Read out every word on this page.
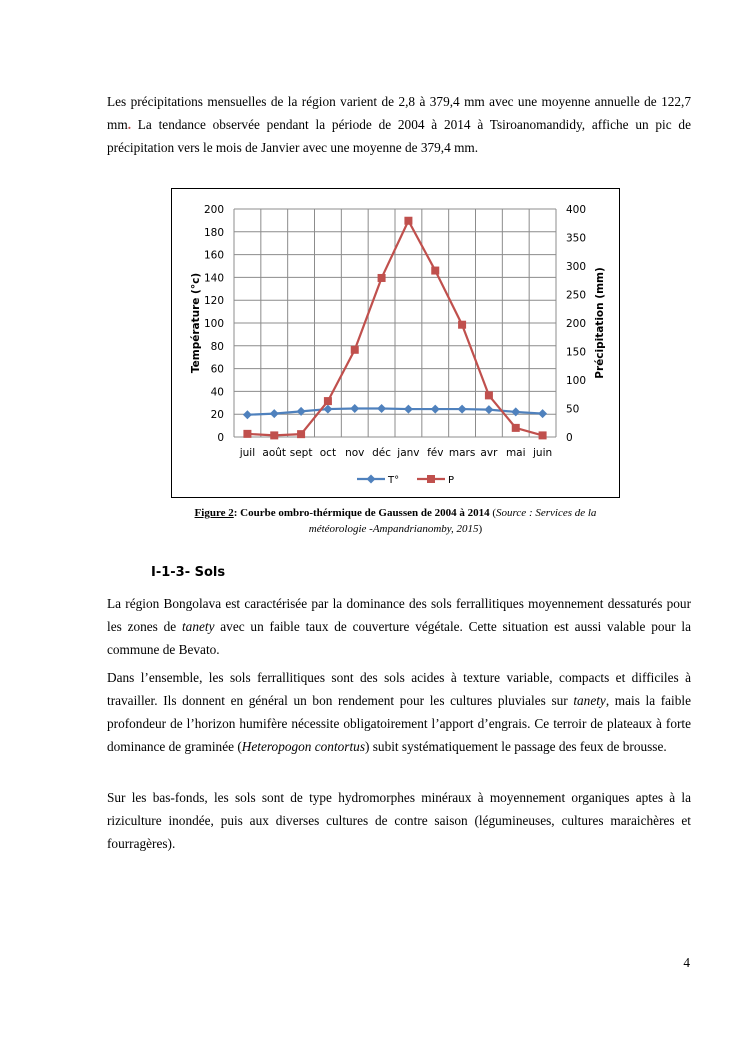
Les précipitations mensuelles de la région varient de 2,8 à 379,4 mm avec une moyenne annuelle de 122,7 mm. La tendance observée pendant la période de 2004 à 2014 à Tsiroanomandidy, affiche un pic de précipitation vers le mois de Janvier avec une moyenne de 379,4 mm.

0
20
40
60
80
100
120
140
160
180
200
0
50
100
150
200
250
300
350
400
juil août sept oct nov déc janv fév mars avr mai juin
Température (°c)	Précipitation (mm)
T°	P
Figure 2: Courbe ombro-thérmique de Gaussen de 2004 à 2014 (Source : Services de la météorologie -Ampandrianomby, 2015)
I-1-3- Sols

La région Bongolava est caractérisée par la dominance des sols ferrallitiques moyennement dessaturés pour les zones de tanety avec un faible taux de couverture végétale. Cette situation est aussi valable pour la commune de Bevato.

Dans l’ensemble, les sols ferrallitiques sont des sols acides à texture variable, compacts et difficiles à travailler. Ils donnent en général un bon rendement pour les cultures pluviales sur tanety, mais la faible profondeur de l’horizon humifère nécessite obligatoirement l’apport d’engrais. Ce terroir de plateaux à forte dominance de graminée (Heteropogon contortus) subit systématiquement le passage des feux de brousse.

Sur les bas-fonds, les sols sont de type hydromorphes minéraux à moyennement organiques aptes à la riziculture inondée, puis aux diverses cultures de contre saison (légumineuses, cultures maraichères et fourragères).

4
